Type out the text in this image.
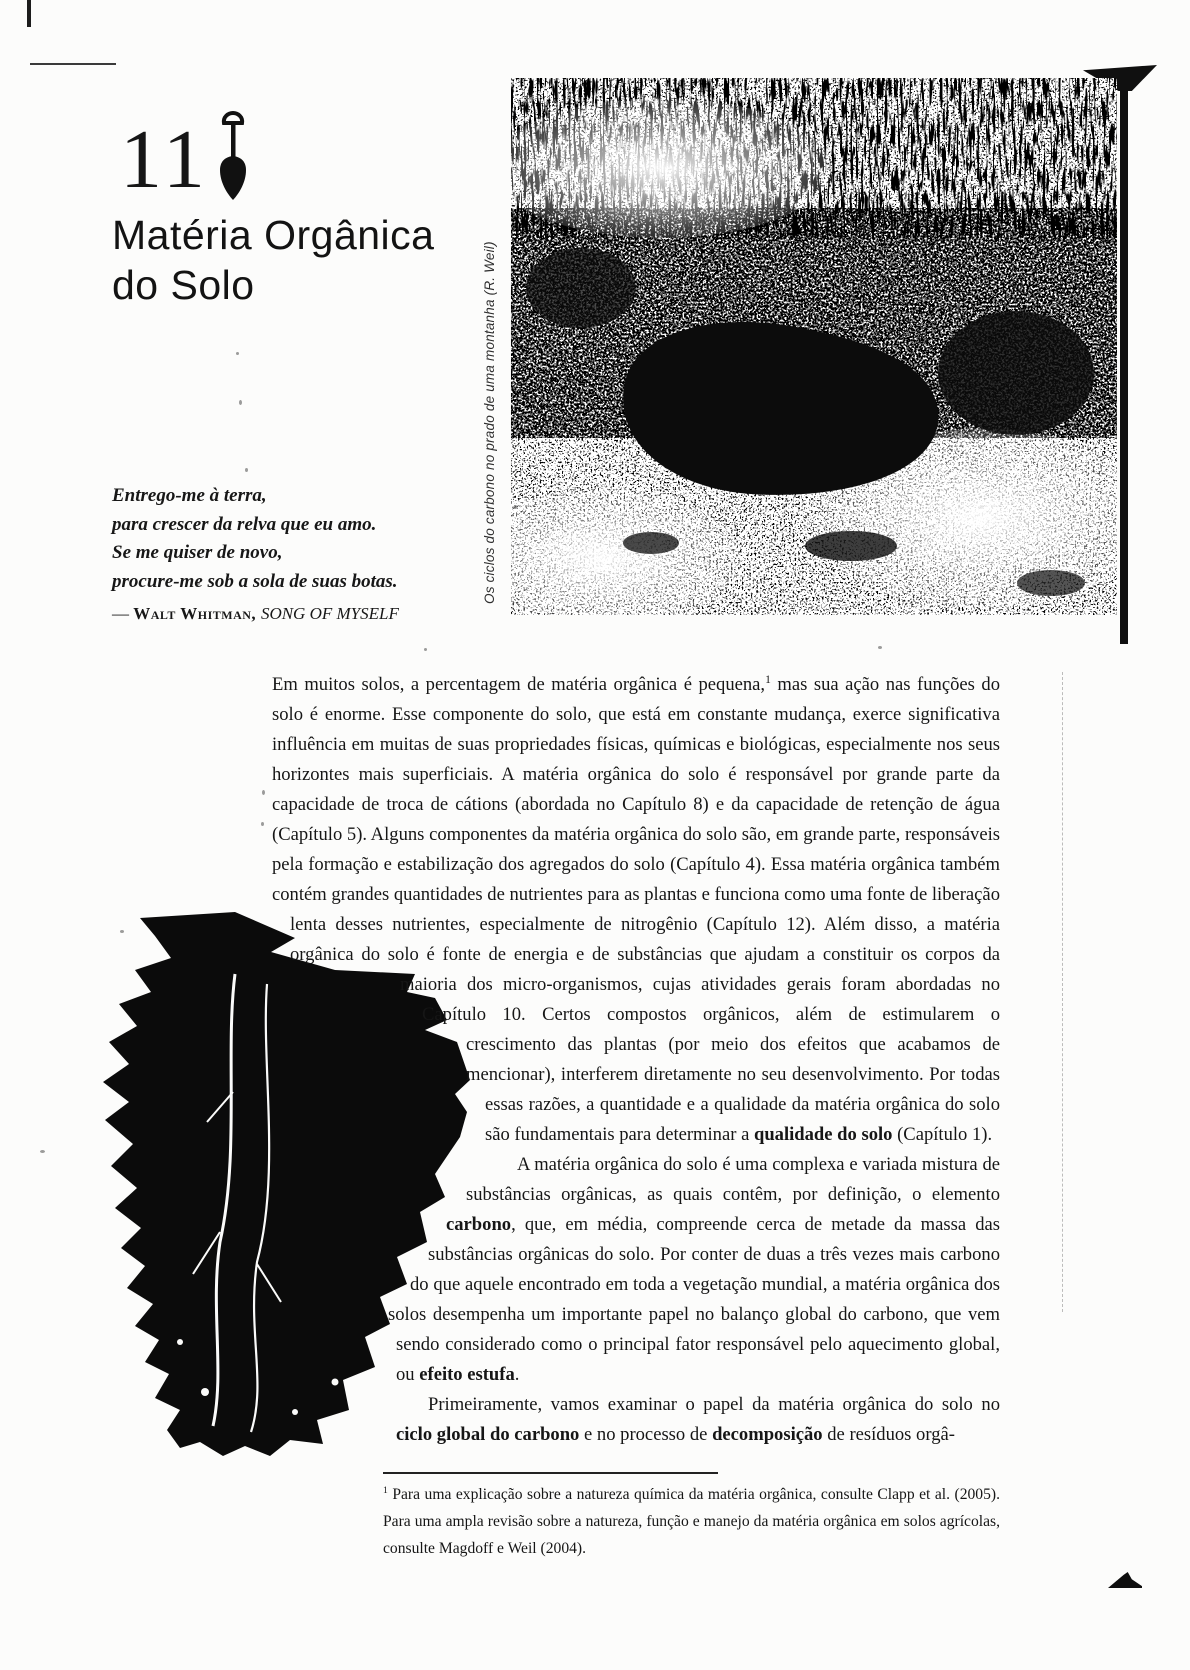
11
Matéria Orgânica
do Solo
Entrego-me à terra,
para crescer da relva que eu amo.
Se me quiser de novo,
procure-me sob a sola de suas botas.
— Walt Whitman, SONG OF MYSELF
Os ciclos do carbono no prado de uma montanha (R. Weil)

Em muitos solos, a percentagem de matéria orgânica é pequena,$^1$ mas sua ação nas funções do solo é enorme. Esse componente do solo, que está em constante mudança, exerce significativa influência em muitas de suas propriedades físicas, químicas e biológicas, especialmente nos seus horizontes mais superficiais. A matéria orgânica do solo é responsável por grande parte da capacidade de troca de cátions (abordada no Capítulo 8) e da capacidade de retenção de água (Capítulo 5). Alguns componentes da matéria orgânica do solo são, em grande parte, responsáveis pela formação e estabilização dos agregados do solo (Capítulo 4). Essa matéria orgânica também contém grandes quantidades de nutrientes para as plantas e funciona como uma fonte de liberação lenta desses nutrientes, especialmente de nitrogênio (Capítulo 12). Além disso, a matéria orgânica do solo é fonte de energia e de substâncias que ajudam a constituir os corpos da maioria dos micro-organismos, cujas atividades gerais foram abordadas no Capítulo 10. Certos compostos orgânicos, além de estimularem o crescimento das plantas (por meio dos efeitos que acabamos de mencionar), interferem diretamente no seu desenvolvimento. Por todas essas razões, a quantidade e a qualidade da matéria orgânica do solo são fundamentais para determinar a qualidade do solo (Capítulo 1).

A matéria orgânica do solo é uma complexa e variada mistura de substâncias orgânicas, as quais contêm, por definição, o elemento carbono, que, em média, compreende cerca de metade da massa das substâncias orgânicas do solo. Por conter de duas a três vezes mais carbono do que aquele encontrado em toda a vegetação mundial, a matéria orgânica dos solos desempenha um importante papel no balanço global do carbono, que vem sendo considerado como o principal fator responsável pelo aquecimento global, ou efeito estufa.

Primeiramente, vamos examinar o papel da matéria orgânica do solo no ciclo global do carbono e no processo de decomposição de resíduos orgâ-

$^1$ Para uma explicação sobre a natureza química da matéria orgânica, consulte Clapp et al. (2005). Para uma ampla revisão sobre a natureza, função e manejo da matéria orgânica em solos agrícolas, consulte Magdoff e Weil (2004).
